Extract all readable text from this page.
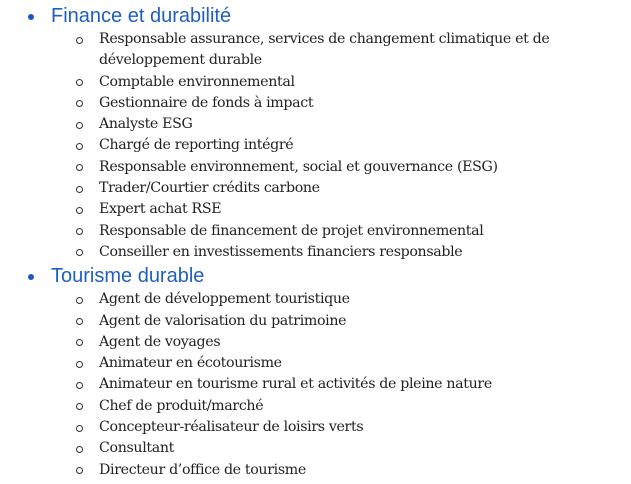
Finance et durabilité
Responsable assurance, services de changement climatique et de développement durable
Comptable environnemental
Gestionnaire de fonds à impact
Analyste ESG
Chargé de reporting intégré
Responsable environnement, social et gouvernance (ESG)
Trader/Courtier crédits carbone
Expert achat RSE
Responsable de financement de projet environnemental
Conseiller en investissements financiers responsable
Tourisme durable
Agent de développement touristique
Agent de valorisation du patrimoine
Agent de voyages
Animateur en écotourisme
Animateur en tourisme rural et activités de pleine nature
Chef de produit/marché
Concepteur-réalisateur de loisirs verts
Consultant
Directeur d’office de tourisme
